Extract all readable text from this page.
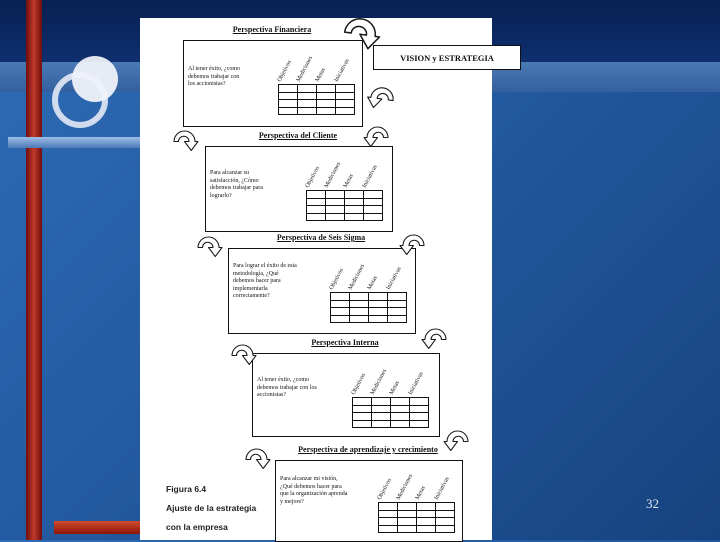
VISION y ESTRATEGIA
Perspectiva Financiera
Al tener éxito, ¿como debemos trabajar con los accionistas?
Objetivos Mediciones Metas Iniciativas

Perspectiva del Cliente
Para alcanzar su satisfacción, ¿Cómo debemos trabajar para lograrlo?
Objetivos Mediciones Metas Iniciativas

Perspectiva de Seis Sigma
Para lograr el éxito de esta metodología, ¿Qué debemos hacer para implementarla correctamente?
Objetivos Mediciones Metas Iniciativas

Perspectiva Interna
Al tener éxito, ¿como debemos trabajar con los accionistas?	Objetivos Mediciones Metas Iniciativas

Perspectiva de aprendizaje y crecimiento
Para alcanzar mi visión, ¿Qué debemos hacer para que la organización aprenda y mejore?
Objetivos Mediciones Metas Iniciativas

Figura 6.4
Ajuste de la estrategia
con la empresa
32
